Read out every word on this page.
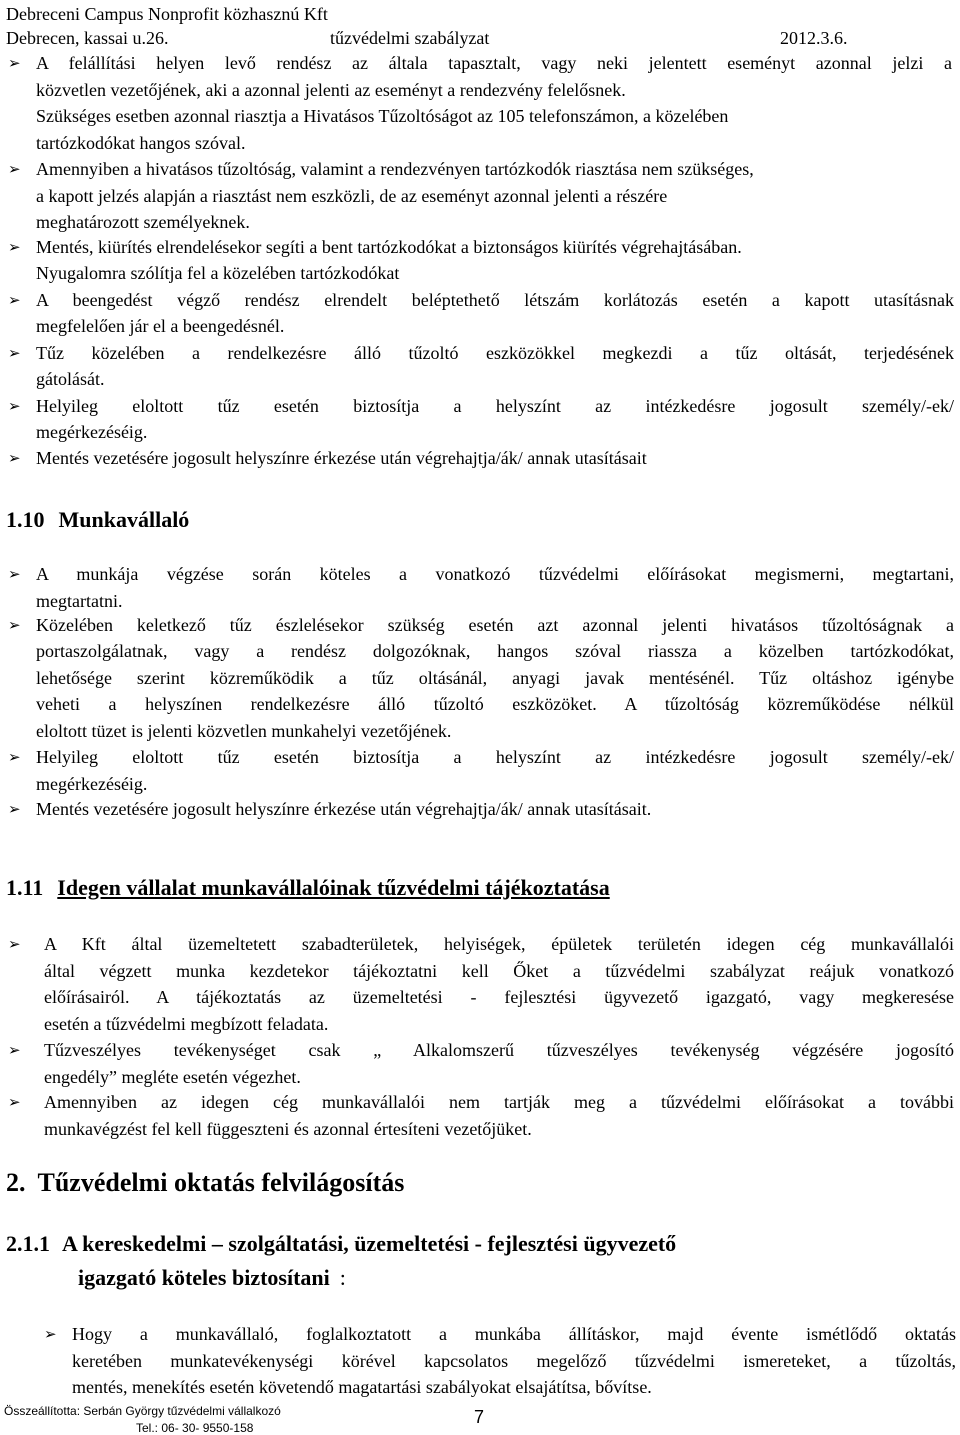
Debreceni Campus Nonprofit közhasznú Kft
Debrecen, kassai u.26.	tűzvédelmi szabályzat	2012.3.6.
➢ A felállítási helyen levő rendész az általa tapasztalt, vagy neki jelentett eseményt azonnal jelzi a
közvetlen vezetőjének, aki a azonnal jelenti az eseményt a rendezvény felelősnek.
Szükséges esetben azonnal riasztja a Hivatásos Tűzoltóságot az 105 telefonszámon, a közelében
tartózkodókat hangos szóval.
➢ Amennyiben a hivatásos tűzoltóság, valamint a rendezvényen tartózkodók riasztása nem szükséges,
a kapott jelzés alapján a riasztást nem eszközli, de az eseményt azonnal jelenti a részére
meghatározott személyeknek.
➢ Mentés, kiürítés elrendelésekor segíti a bent tartózkodókat a biztonságos kiürítés végrehajtásában.
Nyugalomra szólítja fel a közelében tartózkodókat
➢ A beengedést végző rendész elrendelt beléptethető létszám korlátozás esetén a kapott utasításnak
megfelelően jár el a beengedésnél.
➢ Tűz közelében a rendelkezésre álló tűzoltó eszközökkel megkezdi a tűz oltását, terjedésének
gátolását.
➢ Helyileg eloltott tűz esetén biztosítja a helyszínt az intézkedésre jogosult személy/-ek/
megérkezéséig.
➢ Mentés vezetésére jogosult helyszínre érkezése után végrehajtja/ák/ annak utasításait
1.10 Munkavállaló
➢ A munkája végzése során köteles a vonatkozó tűzvédelmi előírásokat megismerni, megtartani,
megtartatni.
➢ Közelében keletkező tűz észlelésekor szükség esetén azt azonnal jelenti hivatásos tűzoltóságnak a
portaszolgálatnak, vagy a rendész dolgozóknak, hangos szóval riassza a közelben tartózkodókat,
lehetősége szerint közreműködik a tűz oltásánál, anyagi javak mentésénél. Tűz oltáshoz igénybe
veheti a helyszínen rendelkezésre álló tűzoltó eszközöket. A tűzoltóság közreműködése nélkül
eloltott tüzet is jelenti közvetlen munkahelyi vezetőjének.
➢ Helyileg eloltott tűz esetén biztosítja a helyszínt az intézkedésre jogosult személy/-ek/
megérkezéséig.
➢ Mentés vezetésére jogosult helyszínre érkezése után végrehajtja/ák/ annak utasításait.
1.11 Idegen vállalat munkavállalóinak tűzvédelmi tájékoztatása
➢ A Kft által üzemeltetett szabadterületek, helyiségek, épületek területén idegen cég munkavállalói
által végzett munka kezdetekor tájékoztatni kell Őket a tűzvédelmi szabályzat reájuk vonatkozó
előírásairól. A tájékoztatás az üzemeltetési - fejlesztési ügyvezető igazgató, vagy megkeresése
esetén a tűzvédelmi megbízott feladata.
➢ Tűzveszélyes tevékenységet csak „ Alkalomszerű tűzveszélyes tevékenység végzésére jogosító
engedély” megléte esetén végezhet.
➢ Amennyiben az idegen cég munkavállalói nem tartják meg a tűzvédelmi előírásokat a további
munkavégzést fel kell függeszteni és azonnal értesíteni vezetőjüket.
2. Tűzvédelmi oktatás felvilágosítás
2.1.1 A kereskedelmi – szolgáltatási, üzemeltetési - fejlesztési ügyvezető
igazgató köteles biztosítani :
➢ Hogy a munkavállaló, foglalkoztatott a munkába állításkor, majd évente ismétlődő oktatás
keretében munkatevékenységi körével kapcsolatos megelőző tűzvédelmi ismereteket, a tűzoltás,
mentés, menekítés esetén követendő magatartási szabályokat elsajátítsa, bővítse.
Összeállította: Serbán György tűzvédelmi vállalkozó
Tel.: 06- 30- 9550-158
7
